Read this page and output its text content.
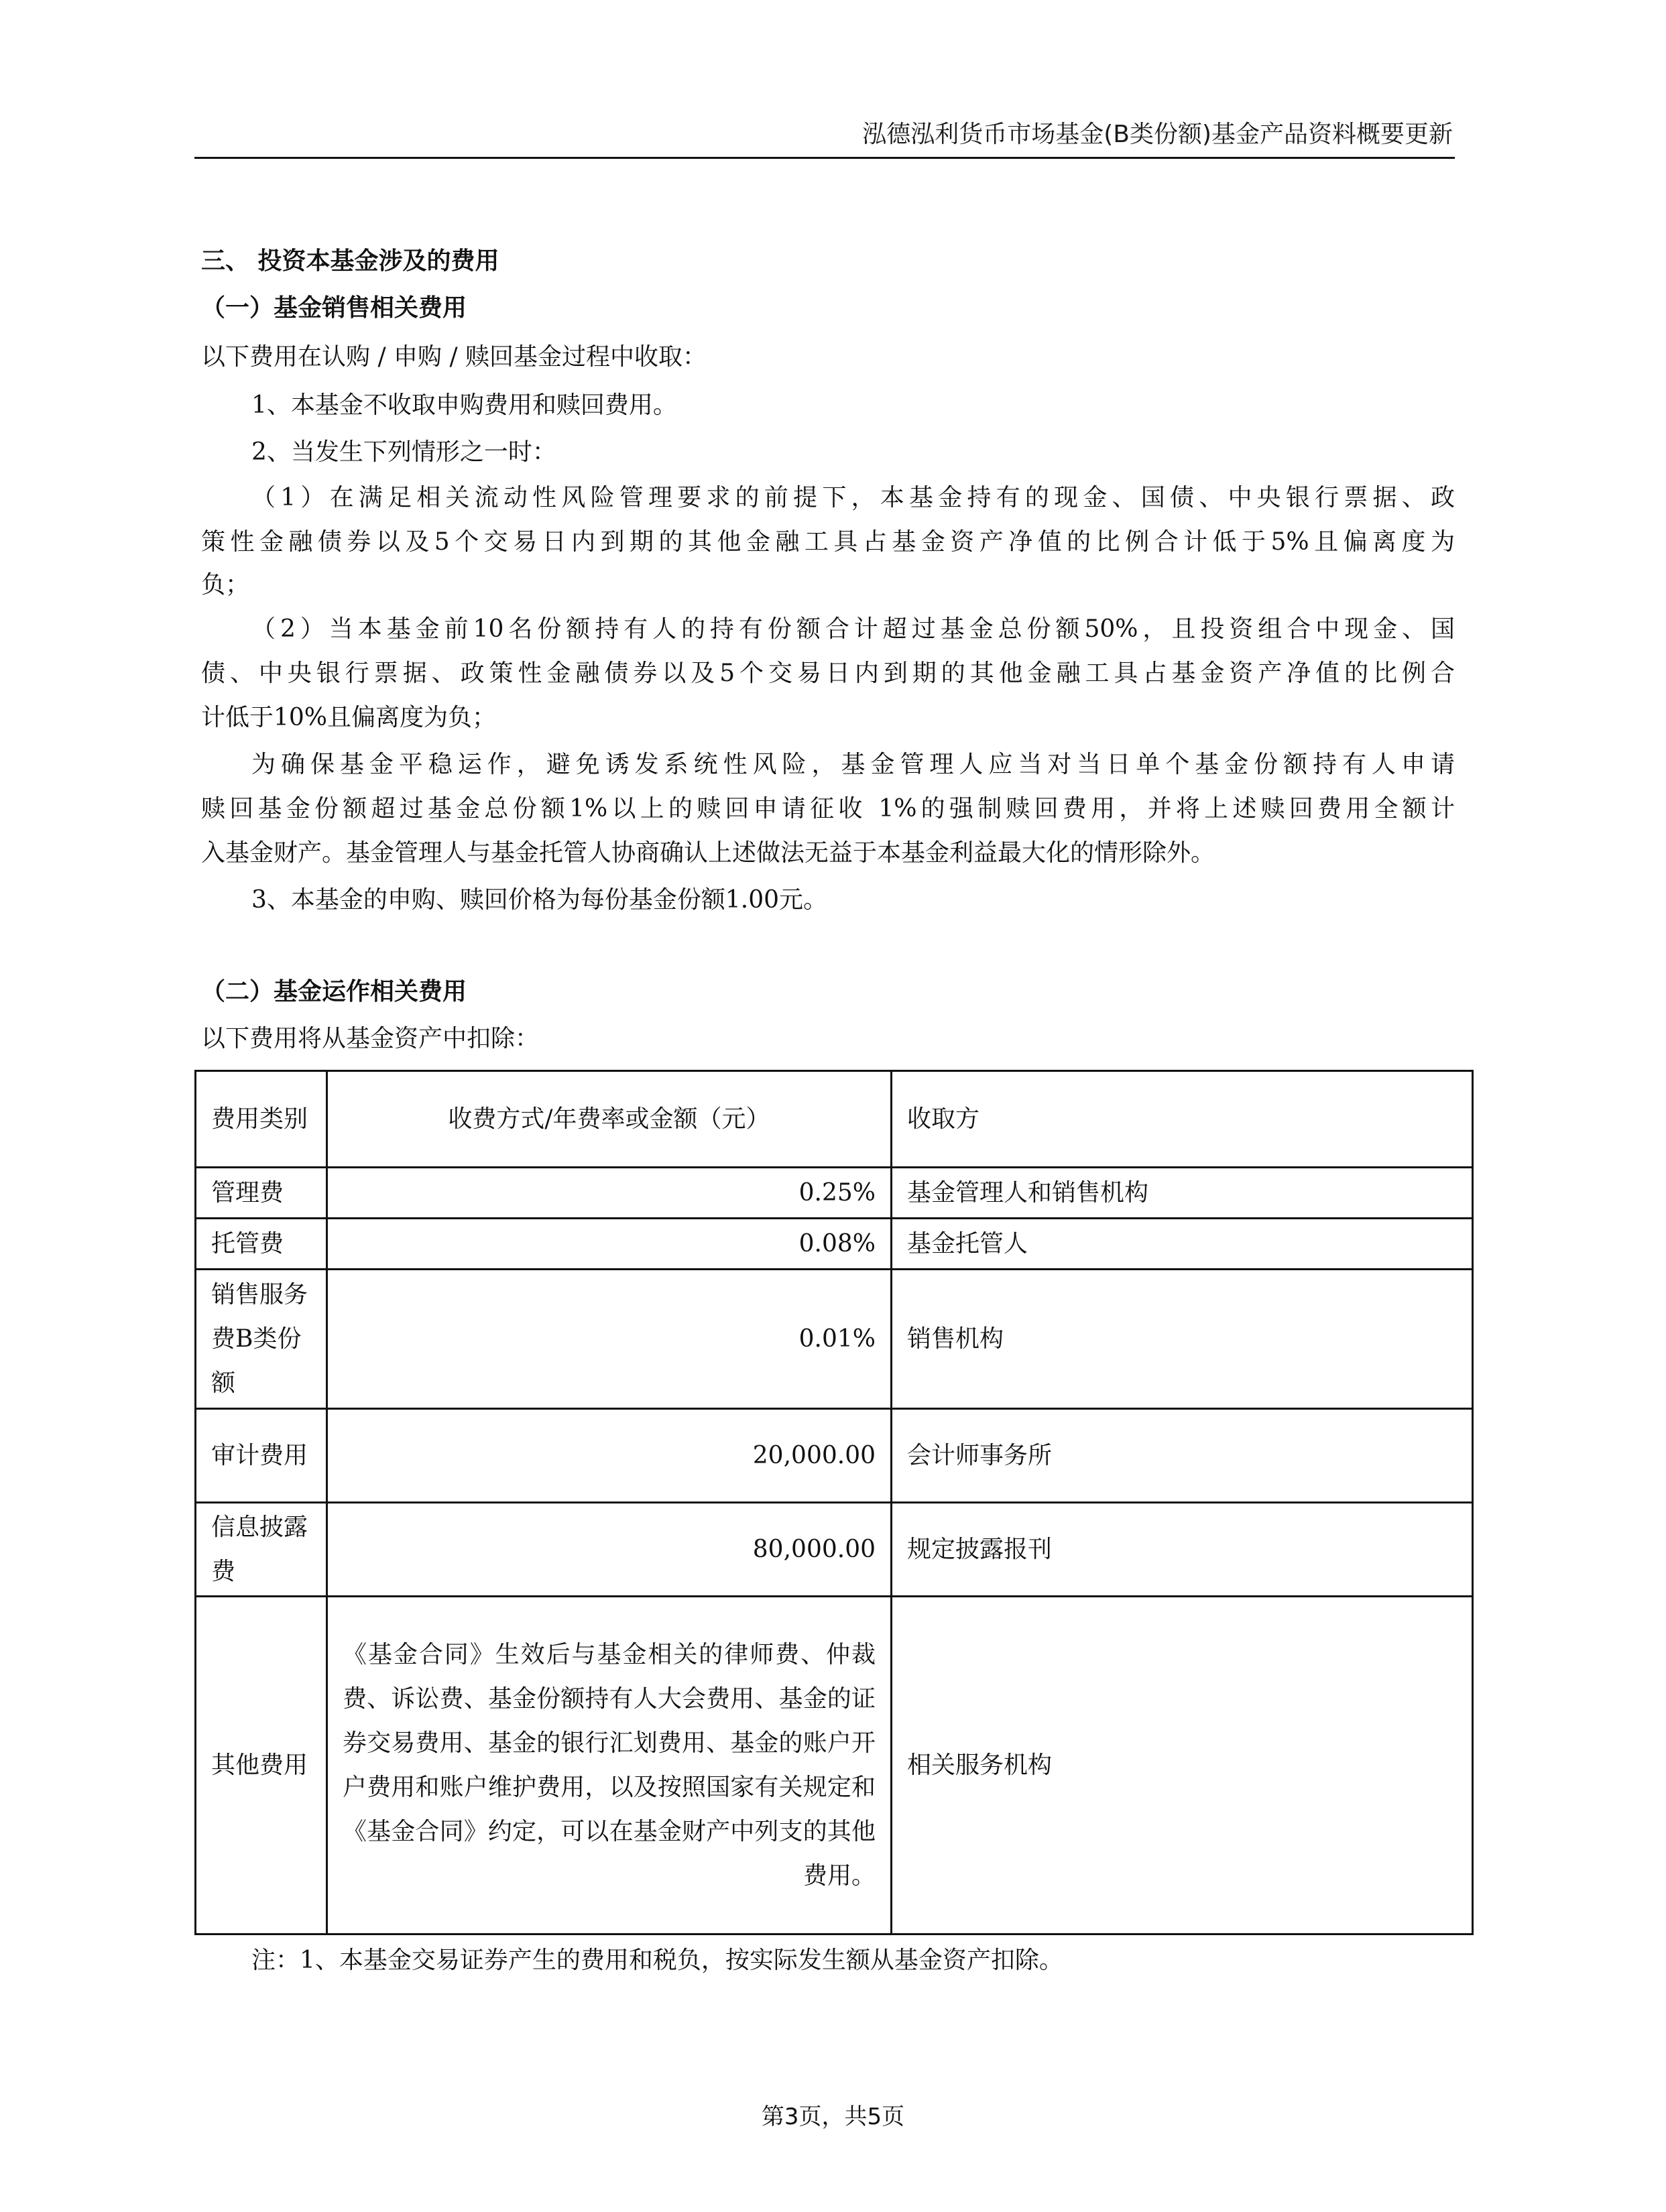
泓德泓利货币市场基金(B类份额)基金产品资料概要更新
三、 投资本基金涉及的费用
（一）基金销售相关费用
以下费用在认购 / 申购 / 赎回基金过程中收取：
1、本基金不收取申购费用和赎回费用。
2、当发生下列情形之一时：
（1）在满足相关流动性风险管理要求的前提下，本基金持有的现金、国债、中央银行票据、政
策性金融债券以及5个交易日内到期的其他金融工具占基金资产净值的比例合计低于5%且偏离度为
负；
（2）当本基金前10名份额持有人的持有份额合计超过基金总份额50%，且投资组合中现金、国
债、中央银行票据、政策性金融债券以及5个交易日内到期的其他金融工具占基金资产净值的比例合
计低于10%且偏离度为负；
为确保基金平稳运作，避免诱发系统性风险，基金管理人应当对当日单个基金份额持有人申请
赎回基金份额超过基金总份额1%以上的赎回申请征收 1%的强制赎回费用，并将上述赎回费用全额计
入基金财产。基金管理人与基金托管人协商确认上述做法无益于本基金利益最大化的情形除外。
3、本基金的申购、赎回价格为每份基金份额1.00元。
（二）基金运作相关费用
以下费用将从基金资产中扣除：
费用类别	收费方式/年费率或金额（元）	收取方
管理费	0.25%	基金管理人和销售机构
托管费	0.08%	基金托管人
销售服务费B类份额	0.01%	销售机构
审计费用	20,000.00	会计师事务所
信息披露费	80,000.00	规定披露报刊
其他费用	《基金合同》生效后与基金相关的律师费、仲裁费、诉讼费、基金份额持有人大会费用、基金的证券交易费用、基金的银行汇划费用、基金的账户开户费用和账户维护费用，以及按照国家有关规定和《基金合同》约定，可以在基金财产中列支的其他费用。	相关服务机构
注：1、本基金交易证券产生的费用和税负，按实际发生额从基金资产扣除。
第3页，共5页
